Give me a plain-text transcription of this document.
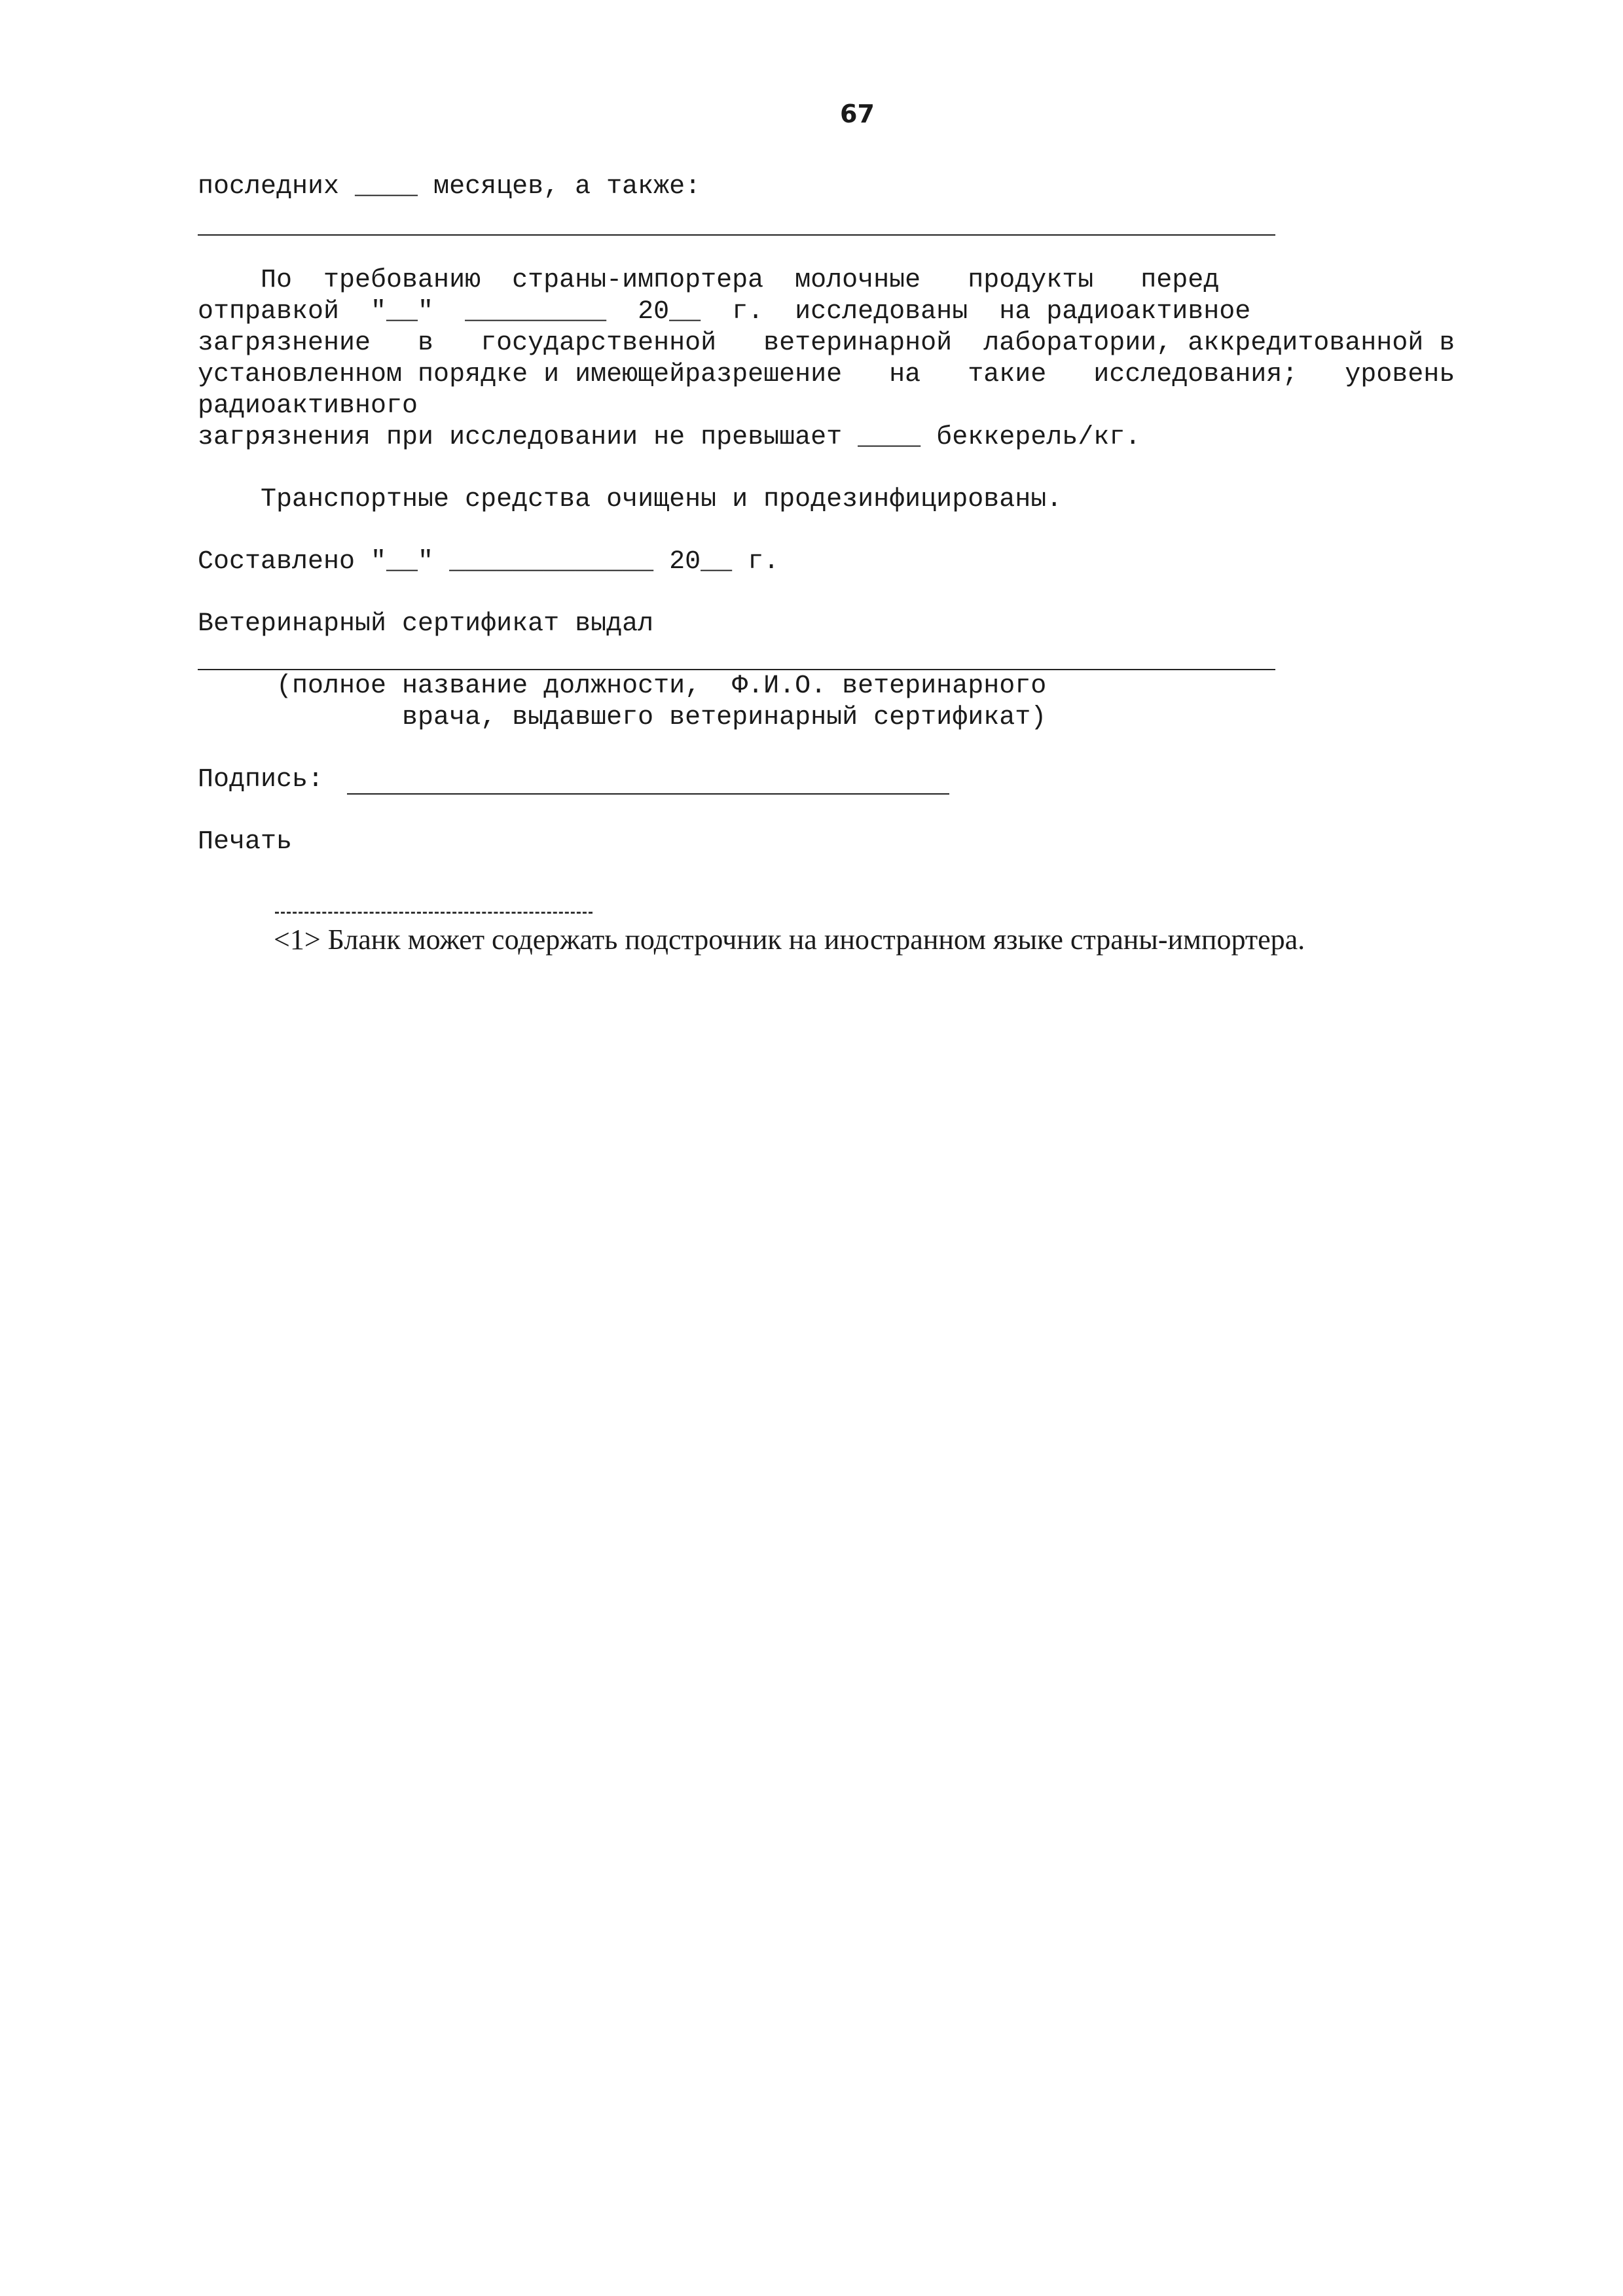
67
последних ____ месяцев, а также:
По  требованию  страны-импортера  молочные   продукты   перед
отправкой  "__"  _________  20__  г.  исследованы  на радиоактивное
загрязнение   в   государственной   ветеринарной  лаборатории, аккредитованной в
установленном порядке и имеющейразрешение   на   такие   исследования;   уровень
радиоактивного
загрязнения при исследовании не превышает ____ беккерель/кг.
Транспортные средства очищены и продезинфицированы.
Составлено "__" _____________ 20__ г.
Ветеринарный сертификат выдал
(полное название должности,  Ф.И.О. ветеринарного
врача, выдавшего ветеринарный сертификат)
Подпись:
Печать
<1> Бланк может содержать подстрочник на иностранном языке страны-импортера.
